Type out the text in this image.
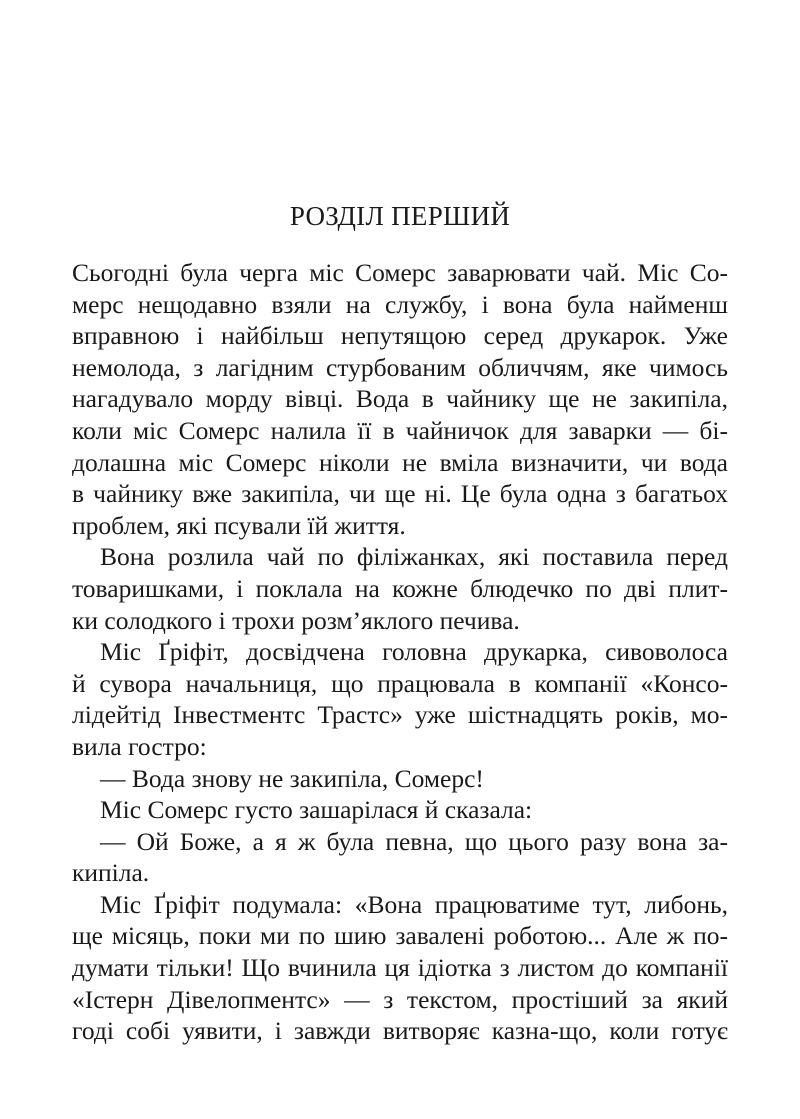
РОЗДІЛ ПЕРШИЙ

Сьогодні була черга міс Сомерс заварювати чай. Міс Со-
мерс нещодавно взяли на службу, і вона була найменш
вправною і найбільш непутящою серед друкарок. Уже
немолода, з лагідним стурбованим обличчям, яке чимось
нагадувало морду вівці. Вода в чайнику ще не закипіла,
коли міс Сомерс налила її в чайничок для заварки — бі-
долашна міс Сомерс ніколи не вміла визначити, чи вода
в чайнику вже закипіла, чи ще ні. Це була одна з багатьох
проблем, які псували їй життя.

Вона розлила чай по філіжанках, які поставила перед
товаришками, і поклала на кожне блюдечко по дві плит-
ки солодкого і трохи розм’яклого печива.

Міс Ґріфіт, досвідчена головна друкарка, сивоволоса
й сувора начальниця, що працювала в компанії «Консо-
лідейтід Інвестментс Трастс» уже шістнадцять років, мо-
вила гостро:

— Вода знову не закипіла, Сомерс!

Міс Сомерс густо зашарілася й сказала:

— Ой Боже, а я ж була певна, що цього разу вона за-
кипіла.

Міс Ґріфіт подумала: «Вона працюватиме тут, либонь,
ще місяць, поки ми по шию завалені роботою... Але ж по-
думати тільки! Що вчинила ця ідіотка з листом до компанії
«Істерн Дівелопментс» — з текстом, простіший за який
годі собі уявити, і завжди витворяє казна-що, коли готує
